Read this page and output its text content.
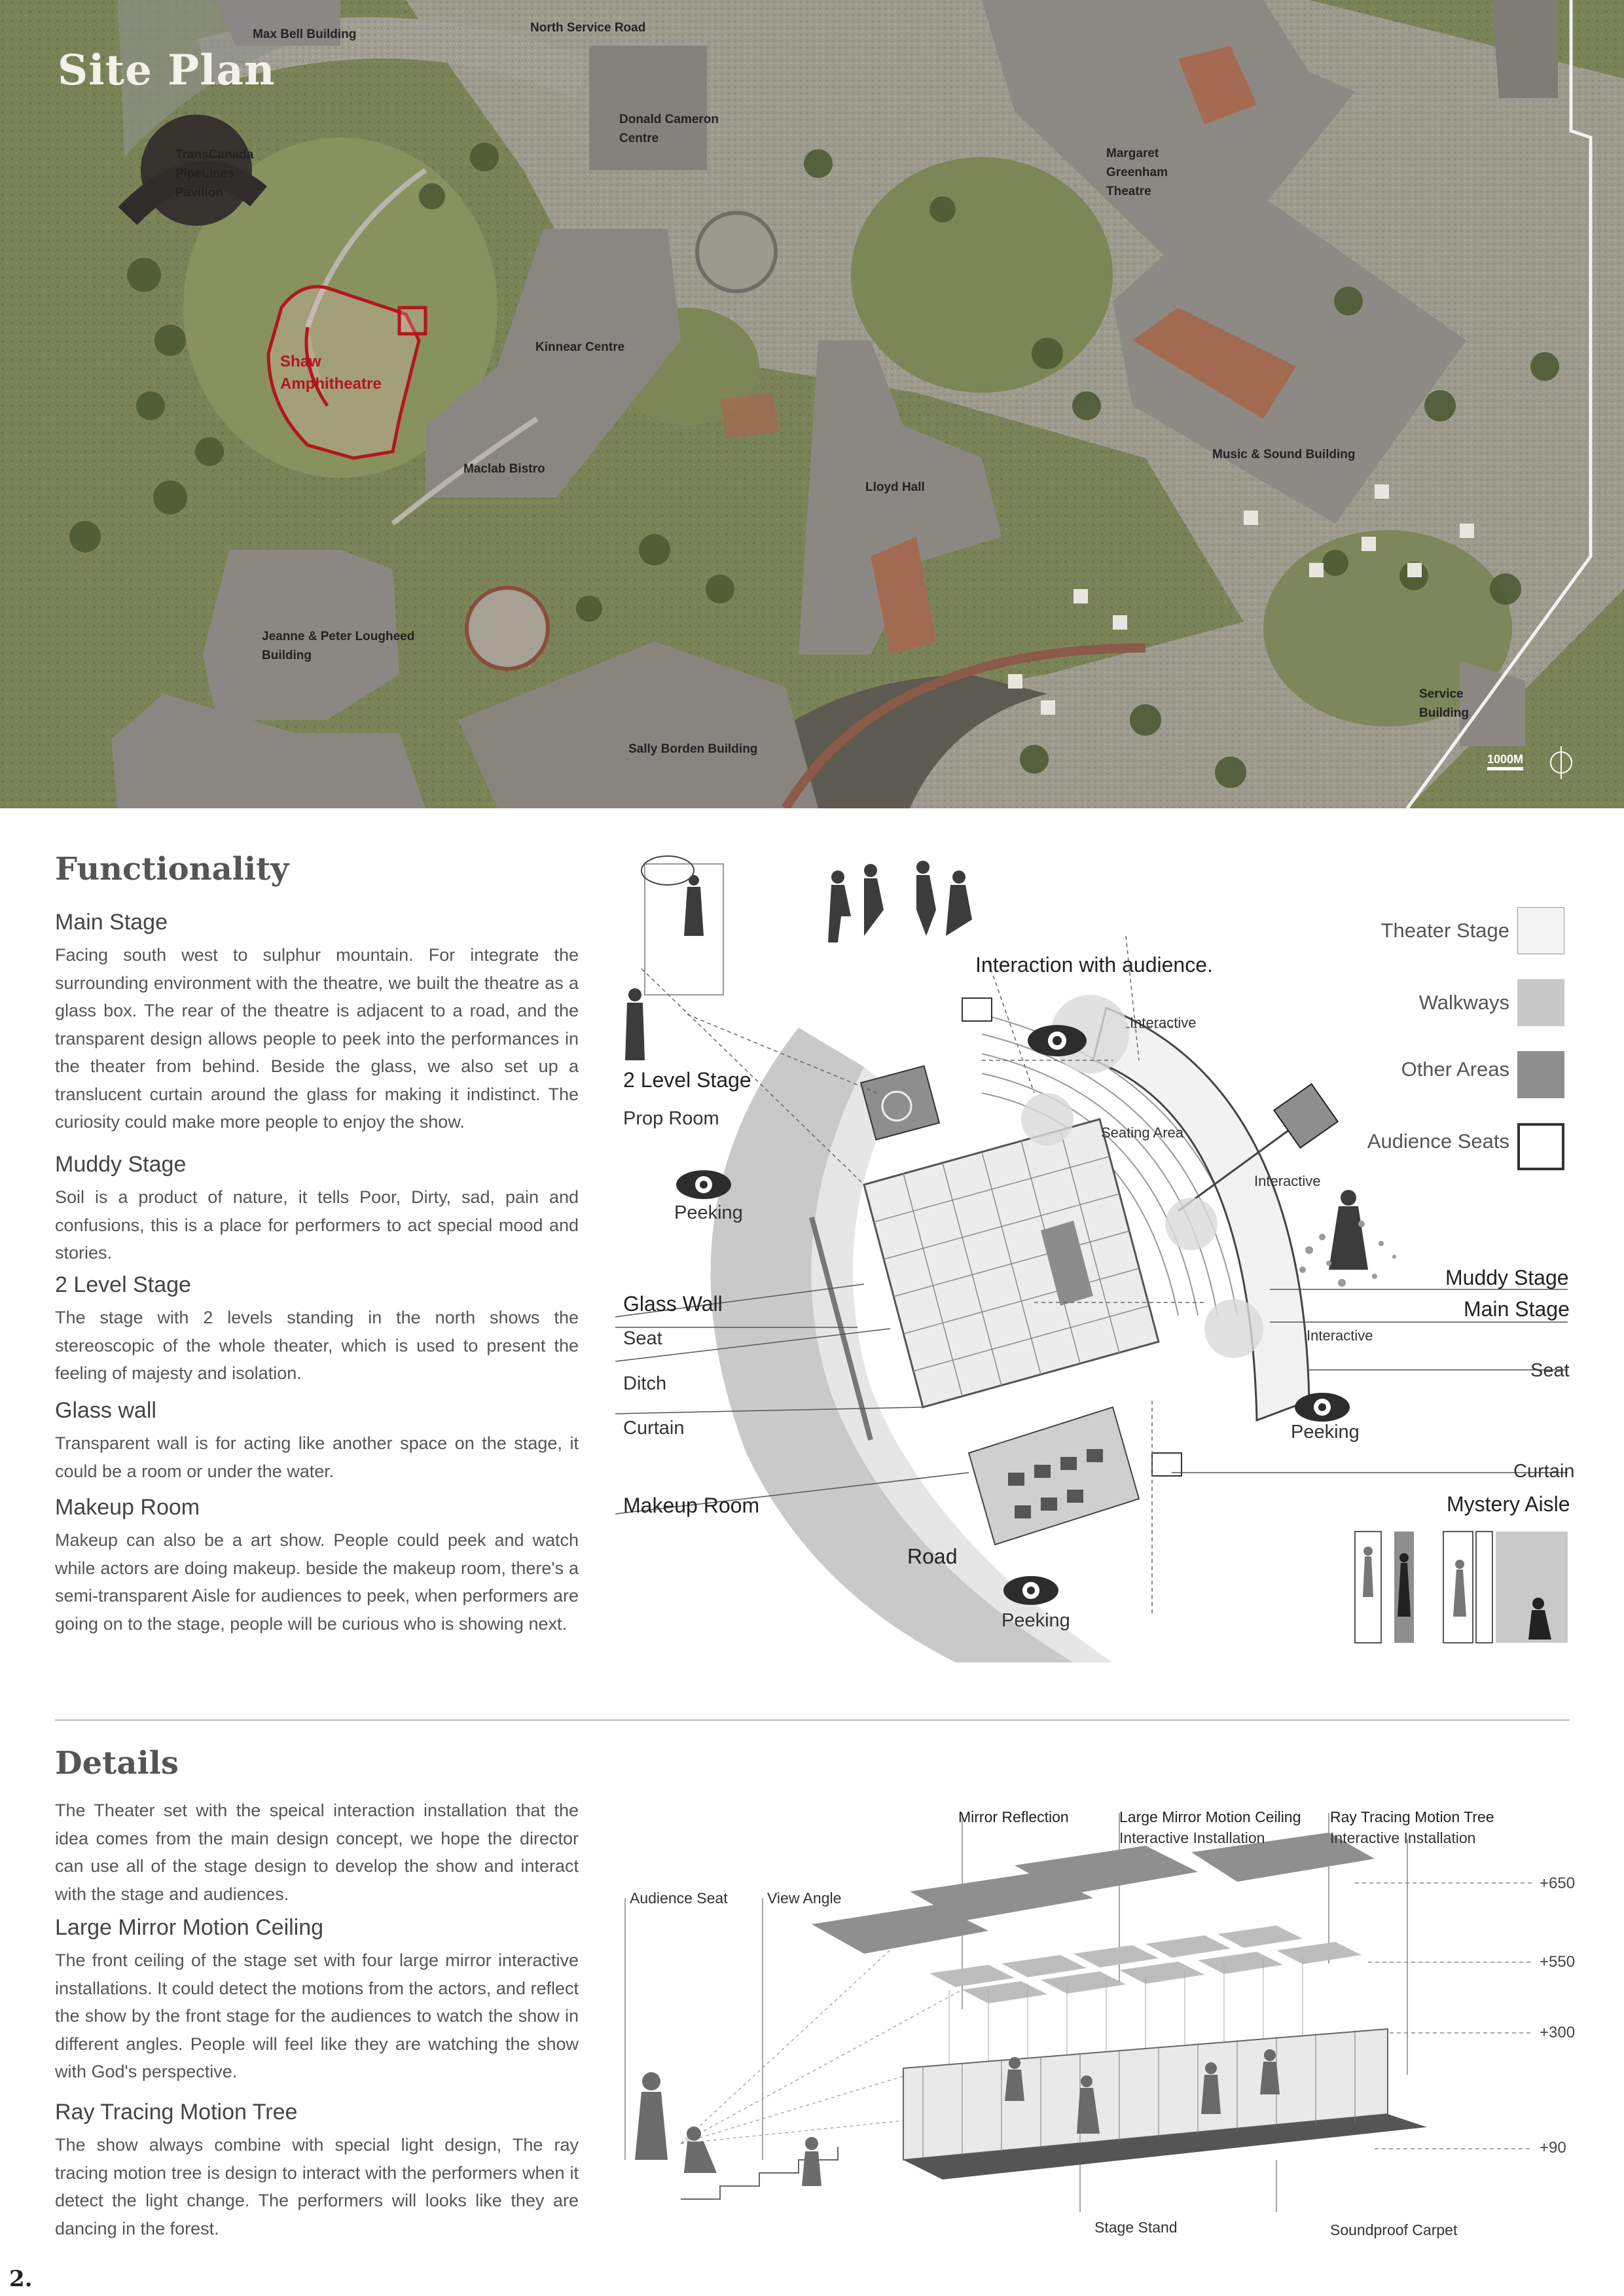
Site Plan
Max Bell Building	North Service Road
TransCanada
PipeLines
Pavilion
Donald Cameron
Centre
Margaret
Greenham
Theatre
Shaw
Amphitheatre
Kinnear Centre
Maclab Bistro
Lloyd Hall
Music & Sound Building
Jeanne & Peter Lougheed
Building
Service
Building
Sally Borden Building
1000M
Functionality
Main Stage
Facing south west to sulphur mountain. For integrate the surrounding environment with the theatre, we built the theatre as a glass box. The rear of the theatre is adjacent to a road, and the transparent design allows people to peek into the performances in the theater from behind. Beside the glass, we also set up a translucent curtain around the glass for making it indistinct. The curiosity could make more people to enjoy the show.
Muddy Stage
Soil is a product of nature, it tells Poor, Dirty, sad, pain and confusions, this is a place for performers to act special mood and stories.
2 Level Stage
The stage with 2 levels standing in the north shows the stereoscopic of the whole theater, which is used to present the feeling of majesty and isolation.
Glass wall
Transparent wall is for acting like another space on the stage, it could be a room or under the water.
Makeup Room
Makeup can also be a art show. People could peek and watch while actors are doing makeup. beside the makeup room, there's a semi-transparent Aisle for audiences to peek, when performers are going on to the stage, people will be curious who is showing next.
2 Level Stage
Prop Room
Glass Wall
Seat
Ditch
Curtain
Makeup Room
Road
Peeking
Peeking
Peeking
Interaction with audience.
Interactive
Seating Area
Interactive
Interactive
Muddy Stage
Main Stage
Seat
Curtain
Mystery Aisle
Theater Stage
Walkways
Other Areas
Audience Seats
Details
The Theater set with the speical interaction installation that the idea comes from the main design concept, we hope the director can use all of the stage design to develop the show and interact with the stage and audiences.
Large Mirror Motion Ceiling
The front ceiling of the stage set with four large mirror interactive installations. It could detect the motions from the actors, and reflect the show by the front stage for the audiences to watch the show in different angles. People will feel like they are watching the show with God's perspective.
Ray Tracing Motion Tree
The show always combine with special light design, The ray tracing motion tree is design to interact with the performers when it detect the light change. The performers will looks like they are dancing in the forest.
Mirror Reflection	Large Mirror Motion Ceiling
Interactive Installation
Ray Tracing Motion Tree
Interactive Installation
Audience Seat	View Angle
Stage Stand	Soundproof Carpet
+650
+550
+300
+90
2.
